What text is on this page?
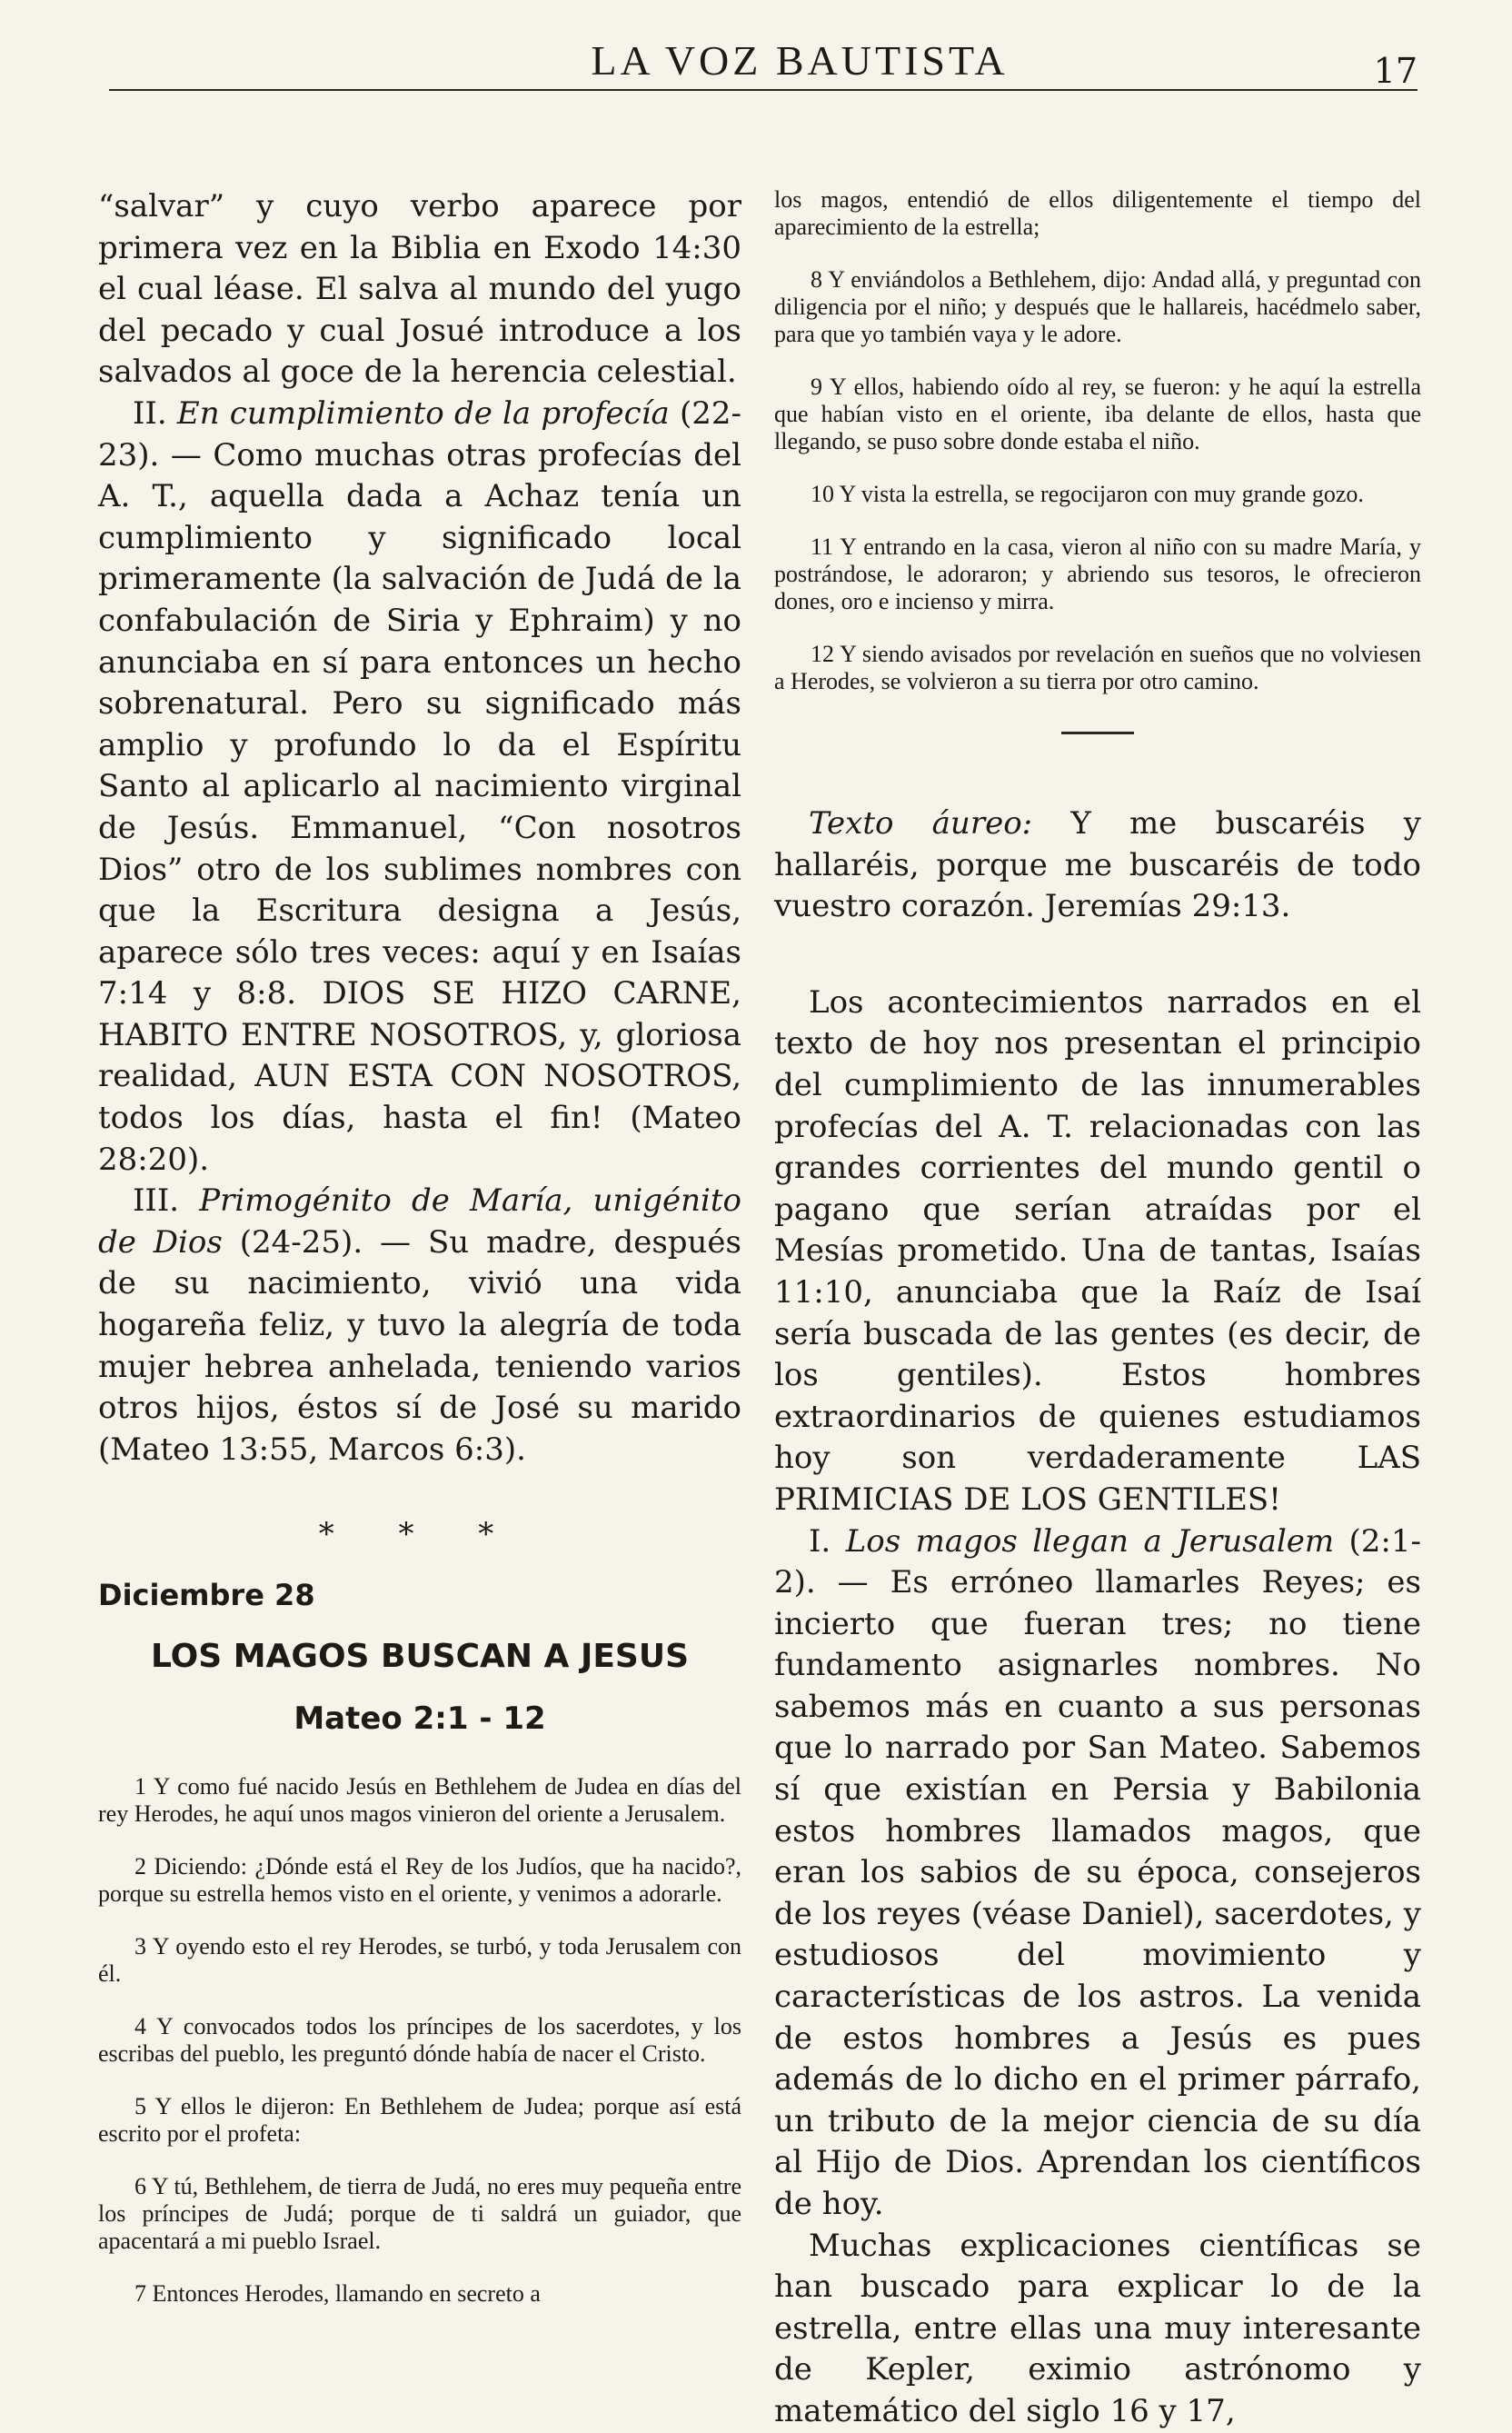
LA VOZ BAUTISTA	17

“salvar” y cuyo verbo aparece por primera vez en la Biblia en Exodo 14:30 el cual léase. El salva al mundo del yugo del pecado y cual Josué introduce a los salvados al goce de la herencia celestial.

II. En cumplimiento de la profecía (22-23). — Como muchas otras profecías del A. T., aquella dada a Achaz tenía un cumplimiento y significado local primeramente (la salvación de Judá de la confabulación de Siria y Ephraim) y no anunciaba en sí para entonces un hecho sobrenatural. Pero su significado más amplio y profundo lo da el Espíritu Santo al aplicarlo al nacimiento virginal de Jesús. Emmanuel, “Con nosotros Dios” otro de los sublimes nombres con que la Escritura designa a Jesús, aparece sólo tres veces: aquí y en Isaías 7:14 y 8:8. DIOS SE HIZO CARNE, HABITO ENTRE NOSOTROS, y, gloriosa realidad, AUN ESTA CON NOSOTROS, todos los días, hasta el fin! (Mateo 28:20).

III. Primogénito de María, unigénito de Dios (24-25). — Su madre, después de su nacimiento, vivió una vida hogareña feliz, y tuvo la alegría de toda mujer hebrea anhelada, teniendo varios otros hijos, éstos sí de José su marido (Mateo 13:55, Marcos 6:3).

* * *
Diciembre 28
LOS MAGOS BUSCAN A JESUS
Mateo 2:1 - 12

1 Y como fué nacido Jesús en Bethlehem de Judea en días del rey Herodes, he aquí unos magos vinieron del oriente a Jerusalem.

2 Diciendo: ¿Dónde está el Rey de los Judíos, que ha nacido?, porque su estrella hemos visto en el oriente, y venimos a adorarle.

3 Y oyendo esto el rey Herodes, se turbó, y toda Jerusalem con él.

4 Y convocados todos los príncipes de los sacerdotes, y los escribas del pueblo, les preguntó dónde había de nacer el Cristo.

5 Y ellos le dijeron: En Bethlehem de Judea; porque así está escrito por el profeta:

6 Y tú, Bethlehem, de tierra de Judá, no eres muy pequeña entre los príncipes de Judá; porque de ti saldrá un guiador, que apacentará a mi pueblo Israel.

7 Entonces Herodes, llamando en secreto a

los magos, entendió de ellos diligentemente el tiempo del aparecimiento de la estrella;

8 Y enviándolos a Bethlehem, dijo: Andad allá, y preguntad con diligencia por el niño; y después que le hallareis, hacédmelo saber, para que yo también vaya y le adore.

9 Y ellos, habiendo oído al rey, se fueron: y he aquí la estrella que habían visto en el oriente, iba delante de ellos, hasta que llegando, se puso sobre donde estaba el niño.

10 Y vista la estrella, se regocijaron con muy grande gozo.

11 Y entrando en la casa, vieron al niño con su madre María, y postrándose, le adoraron; y abriendo sus tesoros, le ofrecieron dones, oro e incienso y mirra.

12 Y siendo avisados por revelación en sueños que no volviesen a Herodes, se volvieron a su tierra por otro camino.

Texto áureo: Y me buscaréis y hallaréis, porque me buscaréis de todo vuestro corazón. Jeremías 29:13.

Los acontecimientos narrados en el texto de hoy nos presentan el principio del cumplimiento de las innumerables profecías del A. T. relacionadas con las grandes corrientes del mundo gentil o pagano que serían atraídas por el Mesías prometido. Una de tantas, Isaías 11:10, anunciaba que la Raíz de Isaí sería buscada de las gentes (es decir, de los gentiles). Estos hombres extraordinarios de quienes estudiamos hoy son verdaderamente LAS PRIMICIAS DE LOS GENTILES!

I. Los magos llegan a Jerusalem (2:1-2). — Es erróneo llamarles Reyes; es incierto que fueran tres; no tiene fundamento asignarles nombres. No sabemos más en cuanto a sus personas que lo narrado por San Mateo. Sabemos sí que existían en Persia y Babilonia estos hombres llamados magos, que eran los sabios de su época, consejeros de los reyes (véase Daniel), sacerdotes, y estudiosos del movimiento y características de los astros. La venida de estos hombres a Jesús es pues además de lo dicho en el primer párrafo, un tributo de la mejor ciencia de su día al Hijo de Dios. Aprendan los científicos de hoy.

Muchas explicaciones científicas se han buscado para explicar lo de la estrella, entre ellas una muy interesante de Kepler, eximio astrónomo y matemático del siglo 16 y 17,
